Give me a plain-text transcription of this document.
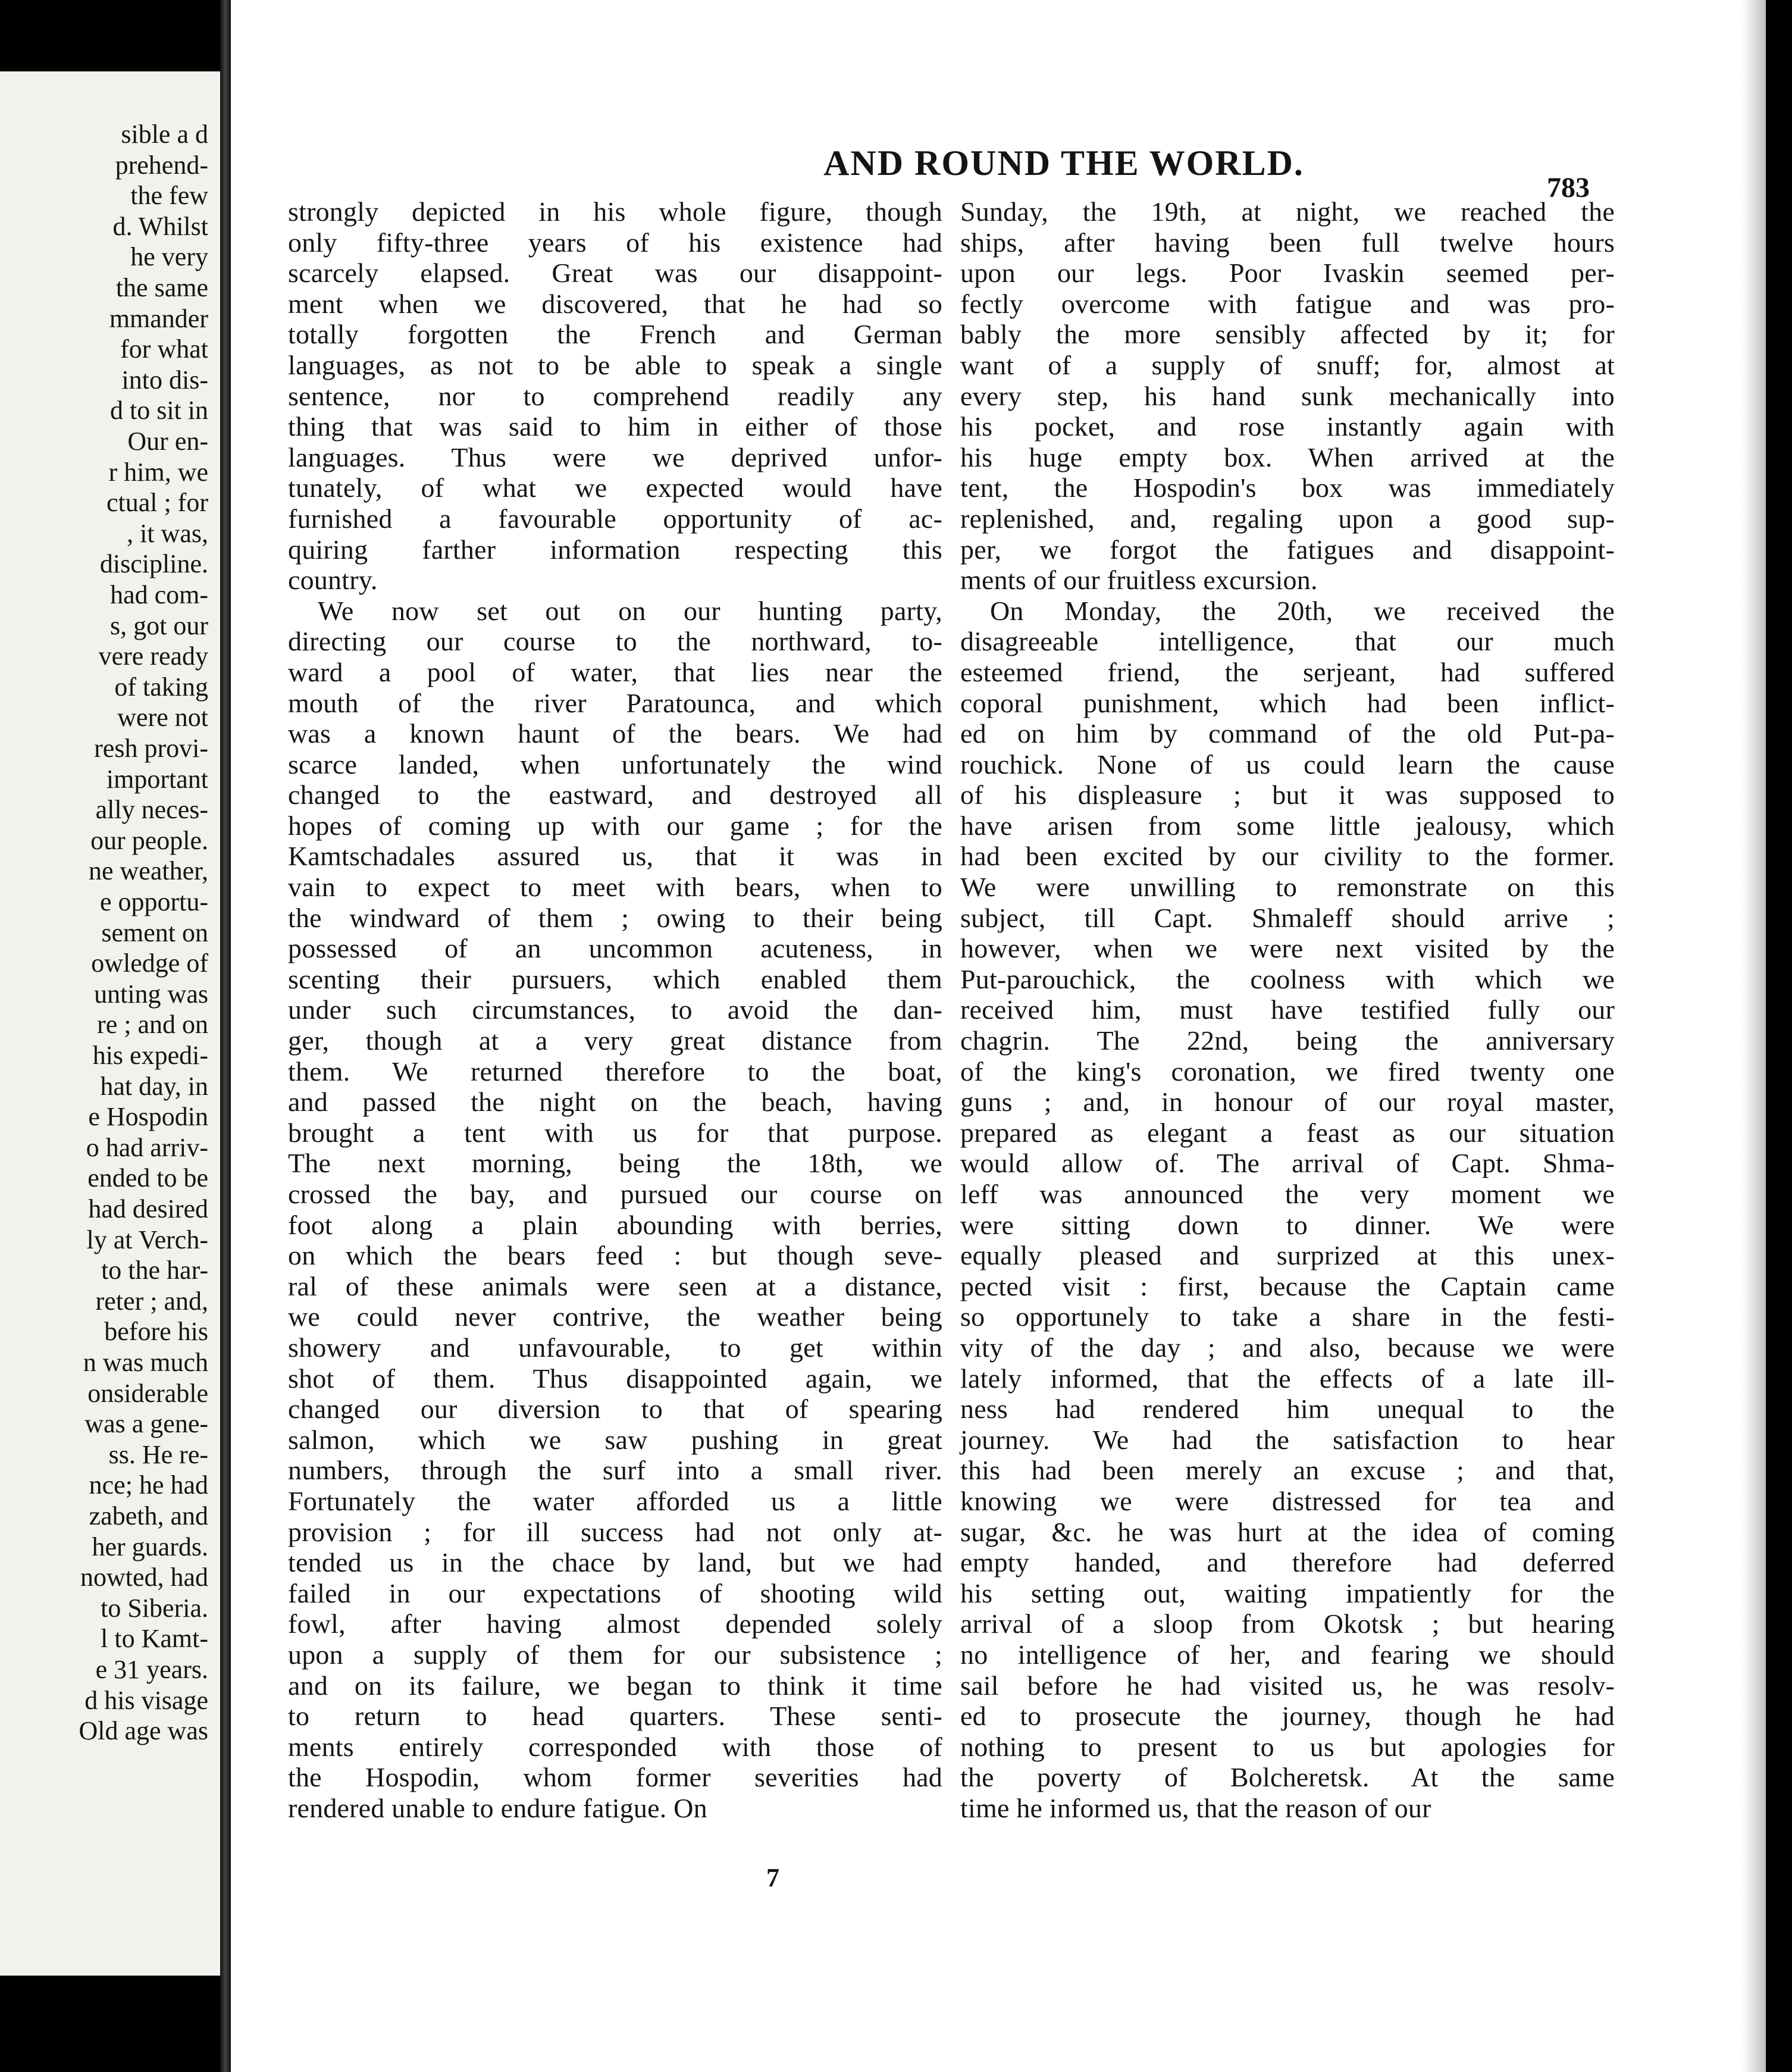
sible a d
prehend-
the few
d. Whilst
he very
the same
mmander
for what
into dis-
d to sit in
Our en-
r him, we
ctual ; for
, it was,
discipline.
had com-
s, got our
vere ready
of taking
were not
resh provi-
important
ally neces-
our people.
ne weather,
e opportu-
sement on
owledge of
unting was
re ; and on
his expedi-
hat day, in
e Hospodin
o had arriv-
ended to be
had desired
ly at Verch-
to the har-
reter ; and,
before his
n was much
onsiderable
was a gene-
ss. He re-
nce; he had
zabeth, and
her guards.
nowted, had
to Siberia.
l to Kamt-
e 31 years.
d his visage
Old age was
AND ROUND THE WORLD.
783
strongly depicted in his whole figure, though
only fifty-three years of his existence had
scarcely elapsed. Great was our disappoint-
ment when we discovered, that he had so
totally forgotten the French and German
languages, as not to be able to speak a single
sentence, nor to comprehend readily any
thing that was said to him in either of those
languages. Thus were we deprived unfor-
tunately, of what we expected would have
furnished a favourable opportunity of ac-
quiring farther information respecting this
country.
We now set out on our hunting party,
directing our course to the northward, to-
ward a pool of water, that lies near the
mouth of the river Paratounca, and which
was a known haunt of the bears. We had
scarce landed, when unfortunately the wind
changed to the eastward, and destroyed all
hopes of coming up with our game ; for the
Kamtschadales assured us, that it was in
vain to expect to meet with bears, when to
the windward of them ; owing to their being
possessed of an uncommon acuteness, in
scenting their pursuers, which enabled them
under such circumstances, to avoid the dan-
ger, though at a very great distance from
them. We returned therefore to the boat,
and passed the night on the beach, having
brought a tent with us for that purpose.
The next morning, being the 18th, we
crossed the bay, and pursued our course on
foot along a plain abounding with berries,
on which the bears feed : but though seve-
ral of these animals were seen at a distance,
we could never contrive, the weather being
showery and unfavourable, to get within
shot of them. Thus disappointed again, we
changed our diversion to that of spearing
salmon, which we saw pushing in great
numbers, through the surf into a small river.
Fortunately the water afforded us a little
provision ; for ill success had not only at-
tended us in the chace by land, but we had
failed in our expectations of shooting wild
fowl, after having almost depended solely
upon a supply of them for our subsistence ;
and on its failure, we began to think it time
to return to head quarters. These senti-
ments entirely corresponded with those of
the Hospodin, whom former severities had
rendered unable to endure fatigue. On
Sunday, the 19th, at night, we reached the
ships, after having been full twelve hours
upon our legs. Poor Ivaskin seemed per-
fectly overcome with fatigue and was pro-
bably the more sensibly affected by it; for
want of a supply of snuff; for, almost at
every step, his hand sunk mechanically into
his pocket, and rose instantly again with
his huge empty box. When arrived at the
tent, the Hospodin's box was immediately
replenished, and, regaling upon a good sup-
per, we forgot the fatigues and disappoint-
ments of our fruitless excursion.
On Monday, the 20th, we received the
disagreeable intelligence, that our much
esteemed friend, the serjeant, had suffered
coporal punishment, which had been inflict-
ed on him by command of the old Put-pa-
rouchick. None of us could learn the cause
of his displeasure ; but it was supposed to
have arisen from some little jealousy, which
had been excited by our civility to the former.
We were unwilling to remonstrate on this
subject, till Capt. Shmaleff should arrive ;
however, when we were next visited by the
Put-parouchick, the coolness with which we
received him, must have testified fully our
chagrin. The 22nd, being the anniversary
of the king's coronation, we fired twenty one
guns ; and, in honour of our royal master,
prepared as elegant a feast as our situation
would allow of. The arrival of Capt. Shma-
leff was announced the very moment we
were sitting down to dinner. We were
equally pleased and surprized at this unex-
pected visit : first, because the Captain came
so opportunely to take a share in the festi-
vity of the day ; and also, because we were
lately informed, that the effects of a late ill-
ness had rendered him unequal to the
journey. We had the satisfaction to hear
this had been merely an excuse ; and that,
knowing we were distressed for tea and
sugar, &c. he was hurt at the idea of coming
empty handed, and therefore had deferred
his setting out, waiting impatiently for the
arrival of a sloop from Okotsk ; but hearing
no intelligence of her, and fearing we should
sail before he had visited us, he was resolv-
ed to prosecute the journey, though he had
nothing to present to us but apologies for
the poverty of Bolcheretsk. At the same
time he informed us, that the reason of our
7
